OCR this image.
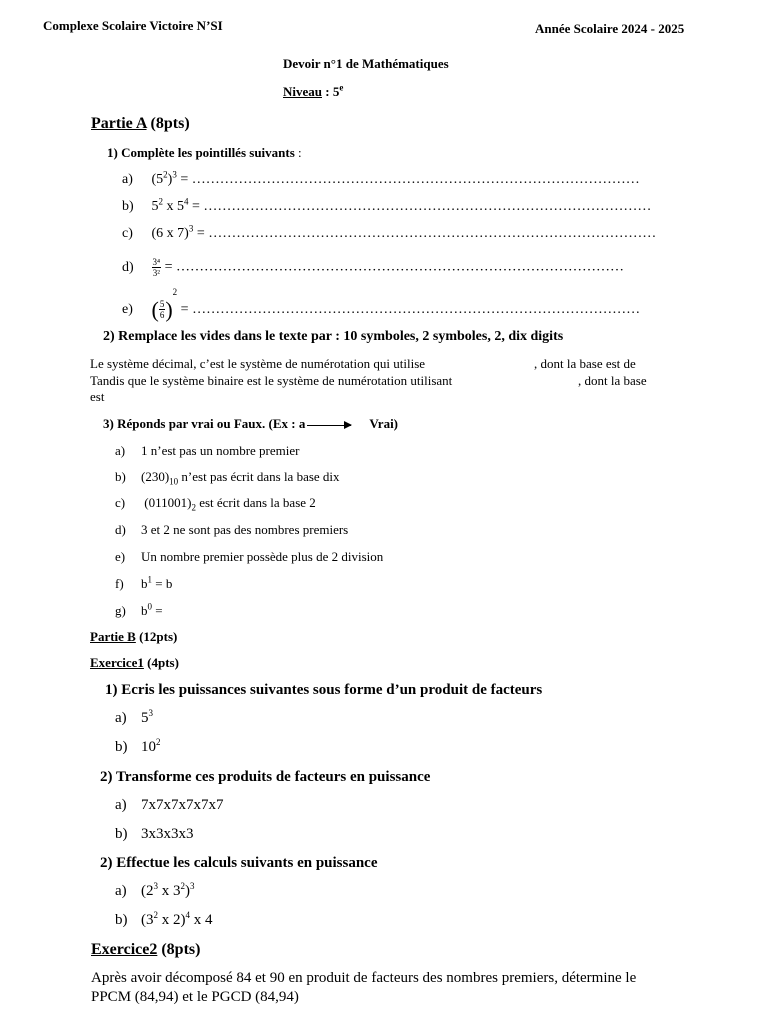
Complexe Scolaire Victoire N’SI	Année Scolaire 2024 - 2025
Devoir n°1 de Mathématiques
Niveau : 5e
Partie A (8pts)
1) Complète les pointillés suivants :
a) $(5^2)^3$ = ……………………………………………………………………………………
b) $5^2$ x $5^4$ = ……………………………………………………………………………………
c) (6 x 7)$^3$ = ……………………………………………………………………………………
$d) \frac{\text{3⁴}}{\text{3²}}$ = ……………………………………………………………………………………
e) ( $\frac{5}{6} )^2$ = ……………………………………………………………………………………
2) Remplace les vides dans le texte par : 10 symboles, 2 symboles, 2, dix digits
Le système décimal, c’est le système de numérotation qui utilise	, dont la base est de
Tandis que le système binaire est le système de numérotation utilisant	, dont la base
est
3) Réponds par vrai ou Faux. (Ex : a	Vrai)
a) 1 n’est pas un nombre premier
b) $(230)_{10}$ n’est pas écrit dans la base dix
c) $(011001)_2$ est écrit dans la base 2
d) 3 et 2 ne sont pas des nombres premiers
e) Un nombre premier possède plus de 2 division
f) $b^1 = b$
g) $b^0$ =
Partie B (12pts)
Exercice1 (4pts)
1) Ecris les puissances suivantes sous forme d’un produit de facteurs
a) $5^3$
b) $10^2$
2) Transforme ces produits de facteurs en puissance
a) 7x7x7x7x7x7
b) 3x3x3x3
2) Effectue les calculs suivants en puissance
a) ($2^3$ x $3^2)^3$
b) ($3^2$ x 2)$^4$ x 4
Exercice2 (8pts)
Après avoir décomposé 84 et 90 en produit de facteurs des nombres premiers, détermine le
PPCM (84,94) et le PGCD (84,94)
